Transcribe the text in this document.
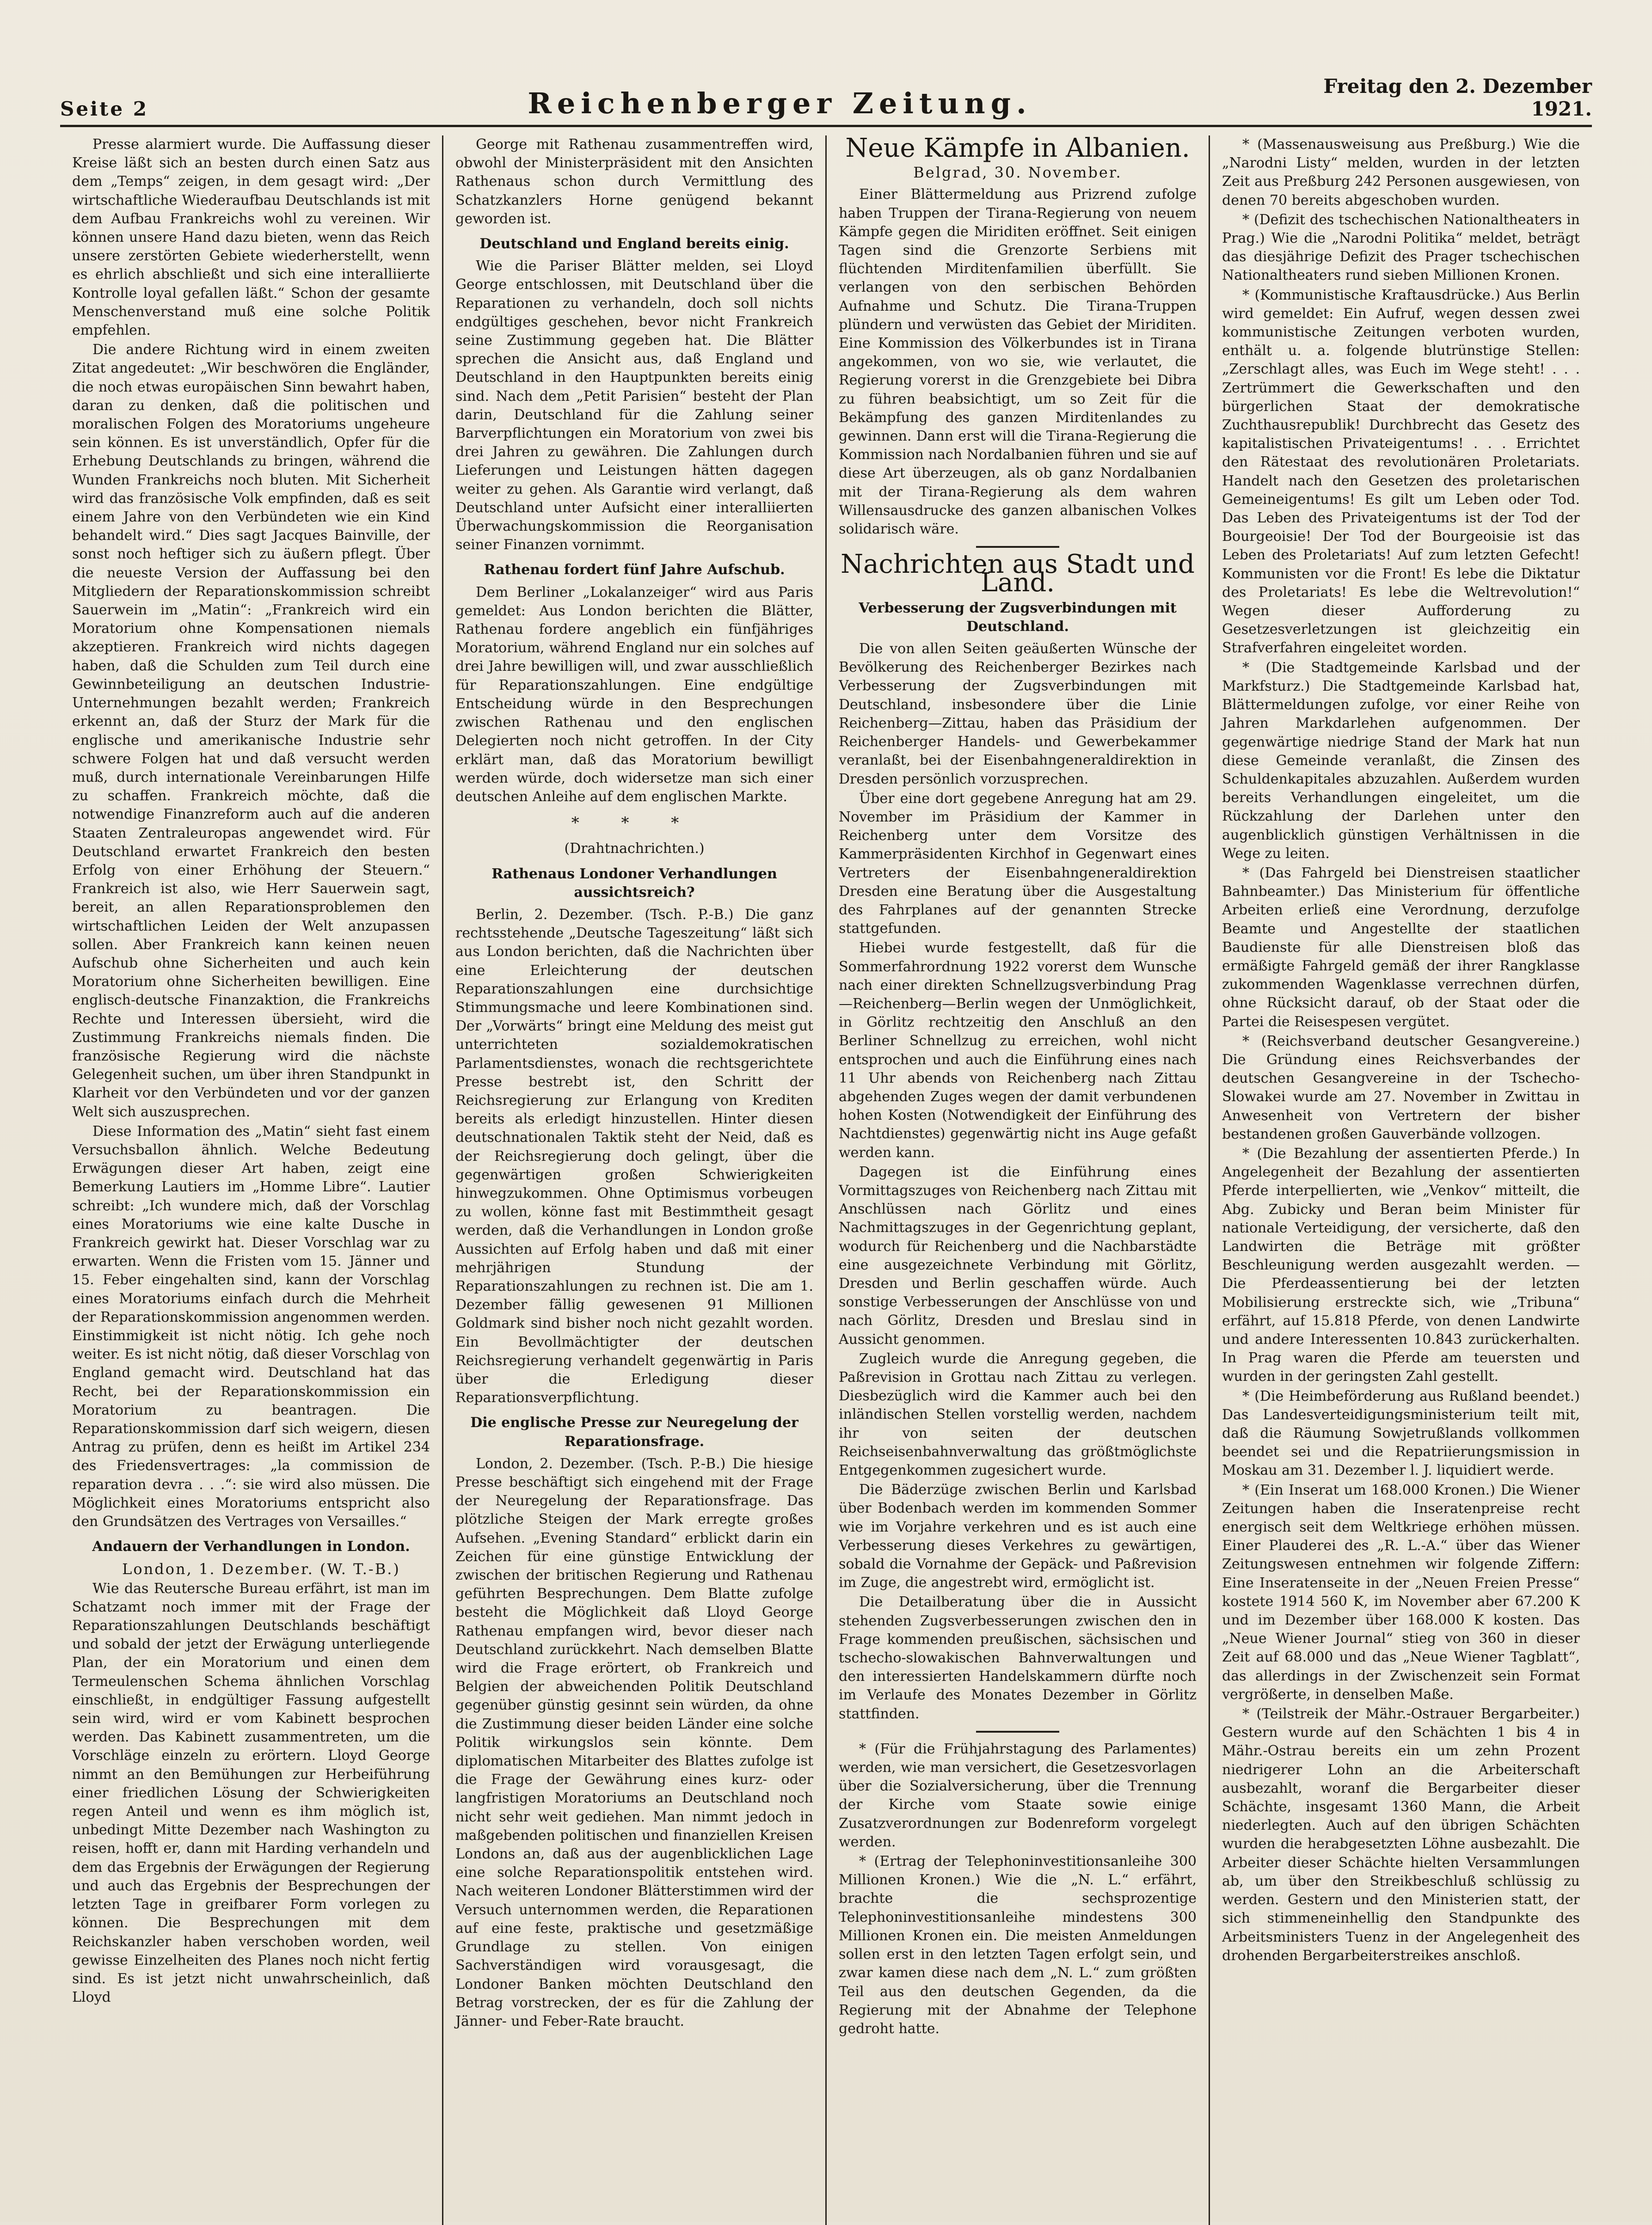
Seite 2	Reichenberger Zeitung.
Freitag den 2. Dezember 1921.

Presse alarmiert wurde. Die Auffassung dieser Kreise läßt sich an besten durch einen Satz aus dem „Temps“ zeigen, in dem gesagt wird: „Der wirtschaftliche Wiederaufbau Deutschlands ist mit dem Aufbau Frankreichs wohl zu vereinen. Wir können unsere Hand dazu bieten, wenn das Reich unsere zerstörten Gebiete wiederherstellt, wenn es ehrlich abschließt und sich eine interalliierte Kontrolle loyal gefallen läßt.“ Schon der gesamte Menschenverstand muß eine solche Politik empfehlen.

Die andere Richtung wird in einem zweiten Zitat angedeutet: „Wir beschwören die Engländer, die noch etwas europäischen Sinn bewahrt haben, daran zu denken, daß die politischen und moralischen Folgen des Moratoriums ungeheure sein können. Es ist unverständlich, Opfer für die Erhebung Deutschlands zu bringen, während die Wunden Frankreichs noch bluten. Mit Sicherheit wird das französische Volk empfinden, daß es seit einem Jahre von den Verbündeten wie ein Kind behandelt wird.“ Dies sagt Jacques Bainville, der sonst noch heftiger sich zu äußern pflegt. Über die neueste Version der Auffassung bei den Mitgliedern der Reparationskommission schreibt Sauerwein im „Matin“: „Frankreich wird ein Moratorium ohne Kompensationen niemals akzeptieren. Frankreich wird nichts dagegen haben, daß die Schulden zum Teil durch eine Gewinnbeteiligung an deutschen Industrie-Unternehmungen bezahlt werden; Frankreich erkennt an, daß der Sturz der Mark für die englische und amerikanische Industrie sehr schwere Folgen hat und daß versucht werden muß, durch internationale Vereinbarungen Hilfe zu schaffen. Frankreich möchte, daß die notwendige Finanzreform auch auf die anderen Staaten Zentraleuropas angewendet wird. Für Deutschland erwartet Frankreich den besten Erfolg von einer Erhöhung der Steuern.“ Frankreich ist also, wie Herr Sauerwein sagt, bereit, an allen Reparationsproblemen den wirtschaftlichen Leiden der Welt anzupassen sollen. Aber Frankreich kann keinen neuen Aufschub ohne Sicherheiten und auch kein Moratorium ohne Sicherheiten bewilligen. Eine englisch-deutsche Finanzaktion, die Frankreichs Rechte und Interessen übersieht, wird die Zustimmung Frankreichs niemals finden. Die französische Regierung wird die nächste Gelegenheit suchen, um über ihren Standpunkt in Klarheit vor den Verbündeten und vor der ganzen Welt sich auszusprechen.

Diese Information des „Matin“ sieht fast einem Versuchsballon ähnlich. Welche Bedeutung Erwägungen dieser Art haben, zeigt eine Bemerkung Lautiers im „Homme Libre“. Lautier schreibt: „Ich wundere mich, daß der Vorschlag eines Moratoriums wie eine kalte Dusche in Frankreich gewirkt hat. Dieser Vorschlag war zu erwarten. Wenn die Fristen vom 15. Jänner und 15. Feber eingehalten sind, kann der Vorschlag eines Moratoriums einfach durch die Mehrheit der Reparationskommission angenommen werden. Einstimmigkeit ist nicht nötig. Ich gehe noch weiter. Es ist nicht nötig, daß dieser Vorschlag von England gemacht wird. Deutschland hat das Recht, bei der Reparationskommission ein Moratorium zu beantragen. Die Reparationskommission darf sich weigern, diesen Antrag zu prüfen, denn es heißt im Artikel 234 des Friedensvertrages: „la commission de reparation devra . . .“: sie wird also müssen. Die Möglichkeit eines Moratoriums entspricht also den Grundsätzen des Vertrages von Versailles.“

Andauern der Verhandlungen in London.

London, 1. Dezember. (W. T.-B.)

Wie das Reutersche Bureau erfährt, ist man im Schatzamt noch immer mit der Frage der Reparationszahlungen Deutschlands beschäftigt und sobald der jetzt der Erwägung unterliegende Plan, der ein Moratorium und einen dem Termeulenschen Schema ähnlichen Vorschlag einschließt, in endgültiger Fassung aufgestellt sein wird, wird er vom Kabinett besprochen werden. Das Kabinett zusammentreten, um die Vorschläge einzeln zu erörtern. Lloyd George nimmt an den Bemühungen zur Herbeiführung einer friedlichen Lösung der Schwierigkeiten regen Anteil und wenn es ihm möglich ist, unbedingt Mitte Dezember nach Washington zu reisen, hofft er, dann mit Harding verhandeln und dem das Ergebnis der Erwägungen der Regierung und auch das Ergebnis der Besprechungen der letzten Tage in greifbarer Form vorlegen zu können. Die Besprechungen mit dem Reichskanzler haben verschoben worden, weil gewisse Einzelheiten des Planes noch nicht fertig sind. Es ist jetzt nicht unwahrscheinlich, daß Lloyd

George mit Rathenau zusammentreffen wird, obwohl der Ministerpräsident mit den Ansichten Rathenaus schon durch Vermittlung des Schatzkanzlers Horne genügend bekannt geworden ist.

Deutschland und England bereits einig.

Wie die Pariser Blätter melden, sei Lloyd George entschlossen, mit Deutschland über die Reparationen zu verhandeln, doch soll nichts endgültiges geschehen, bevor nicht Frankreich seine Zustimmung gegeben hat. Die Blätter sprechen die Ansicht aus, daß England und Deutschland in den Hauptpunkten bereits einig sind. Nach dem „Petit Parisien“ besteht der Plan darin, Deutschland für die Zahlung seiner Barverpflichtungen ein Moratorium von zwei bis drei Jahren zu gewähren. Die Zahlungen durch Lieferungen und Leistungen hätten dagegen weiter zu gehen. Als Garantie wird verlangt, daß Deutschland unter Aufsicht einer interalliierten Überwachungskommission die Reorganisation seiner Finanzen vornimmt.

Rathenau fordert fünf Jahre Aufschub.

Dem Berliner „Lokalanzeiger“ wird aus Paris gemeldet: Aus London berichten die Blätter, Rathenau fordere angeblich ein fünfjähriges Moratorium, während England nur ein solches auf drei Jahre bewilligen will, und zwar ausschließlich für Reparationszahlungen. Eine endgültige Entscheidung würde in den Besprechungen zwischen Rathenau und den englischen Delegierten noch nicht getroffen. In der City erklärt man, daß das Moratorium bewilligt werden würde, doch widersetze man sich einer deutschen Anleihe auf dem englischen Markte.

* * *
(Drahtnachrichten.)

Rathenaus Londoner Verhandlungen aussichtsreich?

Berlin, 2. Dezember. (Tsch. P.-B.) Die ganz rechtsstehende „Deutsche Tageszeitung“ läßt sich aus London berichten, daß die Nachrichten über eine Erleichterung der deutschen Reparationszahlungen eine durchsichtige Stimmungsmache und leere Kombinationen sind. Der „Vorwärts“ bringt eine Meldung des meist gut unterrichteten sozialdemokratischen Parlamentsdienstes, wonach die rechtsgerichtete Presse bestrebt ist, den Schritt der Reichsregierung zur Erlangung von Krediten bereits als erledigt hinzustellen. Hinter diesen deutschnationalen Taktik steht der Neid, daß es der Reichsregierung doch gelingt, über die gegenwärtigen großen Schwierigkeiten hinwegzukommen. Ohne Optimismus vorbeugen zu wollen, könne fast mit Bestimmtheit gesagt werden, daß die Verhandlungen in London große Aussichten auf Erfolg haben und daß mit einer mehrjährigen Stundung der Reparationszahlungen zu rechnen ist. Die am 1. Dezember fällig gewesenen 91 Millionen Goldmark sind bisher noch nicht gezahlt worden. Ein Bevollmächtigter der deutschen Reichsregierung verhandelt gegenwärtig in Paris über die Erledigung dieser Reparationsverpflichtung.

Die englische Presse zur Neuregelung der Reparationsfrage.

London, 2. Dezember. (Tsch. P.-B.) Die hiesige Presse beschäftigt sich eingehend mit der Frage der Neuregelung der Reparationsfrage. Das plötzliche Steigen der Mark erregte großes Aufsehen. „Evening Standard“ erblickt darin ein Zeichen für eine günstige Entwicklung der zwischen der britischen Regierung und Rathenau geführten Besprechungen. Dem Blatte zufolge besteht die Möglichkeit daß Lloyd George Rathenau empfangen wird, bevor dieser nach Deutschland zurückkehrt. Nach demselben Blatte wird die Frage erörtert, ob Frankreich und Belgien der abweichenden Politik Deutschland gegenüber günstig gesinnt sein würden, da ohne die Zustimmung dieser beiden Länder eine solche Politik wirkungslos sein könnte. Dem diplomatischen Mitarbeiter des Blattes zufolge ist die Frage der Gewährung eines kurz- oder langfristigen Moratoriums an Deutschland noch nicht sehr weit gediehen. Man nimmt jedoch in maßgebenden politischen und finanziellen Kreisen Londons an, daß aus der augenblicklichen Lage eine solche Reparationspolitik entstehen wird. Nach weiteren Londoner Blätterstimmen wird der Versuch unternommen werden, die Reparationen auf eine feste, praktische und gesetzmäßige Grundlage zu stellen. Von einigen Sachverständigen wird vorausgesagt, die Londoner Banken möchten Deutschland den Betrag vorstrecken, der es für die Zahlung der Jänner- und Feber-Rate braucht.

Neue Kämpfe in Albanien.
Belgrad, 30. November.

Einer Blättermeldung aus Prizrend zufolge haben Truppen der Tirana-Regierung von neuem Kämpfe gegen die Miriditen eröffnet. Seit einigen Tagen sind die Grenzorte Serbiens mit flüchtenden Mirditenfamilien überfüllt. Sie verlangen von den serbischen Behörden Aufnahme und Schutz. Die Tirana-Truppen plündern und verwüsten das Gebiet der Miriditen. Eine Kommission des Völkerbundes ist in Tirana angekommen, von wo sie, wie verlautet, die Regierung vorerst in die Grenzgebiete bei Dibra zu führen beabsichtigt, um so Zeit für die Bekämpfung des ganzen Mirditenlandes zu gewinnen. Dann erst will die Tirana-Regierung die Kommission nach Nordalbanien führen und sie auf diese Art überzeugen, als ob ganz Nordalbanien mit der Tirana-Regierung als dem wahren Willensausdrucke des ganzen albanischen Volkes solidarisch wäre.

Nachrichten aus Stadt und Land.

Verbesserung der Zugsverbindungen mit Deutschland.

Die von allen Seiten geäußerten Wünsche der Bevölkerung des Reichenberger Bezirkes nach Verbesserung der Zugsverbindungen mit Deutschland, insbesondere über die Linie Reichenberg—Zittau, haben das Präsidium der Reichenberger Handels- und Gewerbekammer veranlaßt, bei der Eisenbahngeneraldirektion in Dresden persönlich vorzusprechen.

Über eine dort gegebene Anregung hat am 29. November im Präsidium der Kammer in Reichenberg unter dem Vorsitze des Kammerpräsidenten Kirchhof in Gegenwart eines Vertreters der Eisenbahngeneraldirektion Dresden eine Beratung über die Ausgestaltung des Fahrplanes auf der genannten Strecke stattgefunden.

Hiebei wurde festgestellt, daß für die Sommerfahrordnung 1922 vorerst dem Wunsche nach einer direkten Schnellzugsverbindung Prag—Reichenberg—Berlin wegen der Unmöglichkeit, in Görlitz rechtzeitig den Anschluß an den Berliner Schnellzug zu erreichen, wohl nicht entsprochen und auch die Einführung eines nach 11 Uhr abends von Reichenberg nach Zittau abgehenden Zuges wegen der damit verbundenen hohen Kosten (Notwendigkeit der Einführung des Nachtdienstes) gegenwärtig nicht ins Auge gefaßt werden kann.

Dagegen ist die Einführung eines Vormittagszuges von Reichenberg nach Zittau mit Anschlüssen nach Görlitz und eines Nachmittagszuges in der Gegenrichtung geplant, wodurch für Reichenberg und die Nachbarstädte eine ausgezeichnete Verbindung mit Görlitz, Dresden und Berlin geschaffen würde. Auch sonstige Verbesserungen der Anschlüsse von und nach Görlitz, Dresden und Breslau sind in Aussicht genommen.

Zugleich wurde die Anregung gegeben, die Paßrevision in Grottau nach Zittau zu verlegen. Diesbezüglich wird die Kammer auch bei den inländischen Stellen vorstellig werden, nachdem ihr von seiten der deutschen Reichseisenbahnverwaltung das größtmöglichste Entgegenkommen zugesichert wurde.

Die Bäderzüge zwischen Berlin und Karlsbad über Bodenbach werden im kommenden Sommer wie im Vorjahre verkehren und es ist auch eine Verbesserung dieses Verkehres zu gewärtigen, sobald die Vornahme der Gepäck- und Paßrevision im Zuge, die angestrebt wird, ermöglicht ist.

Die Detailberatung über die in Aussicht stehenden Zugsverbesserungen zwischen den in Frage kommenden preußischen, sächsischen und tschecho-slowakischen Bahnverwaltungen und den interessierten Handelskammern dürfte noch im Verlaufe des Monates Dezember in Görlitz stattfinden.

* (Für die Frühjahrstagung des Parlamentes) werden, wie man versichert, die Gesetzesvorlagen über die Sozialversicherung, über die Trennung der Kirche vom Staate sowie einige Zusatzverordnungen zur Bodenreform vorgelegt werden.

* (Ertrag der Telephoninvestitionsanleihe 300 Millionen Kronen.) Wie die „N. L.“ erfährt, brachte die sechsprozentige Telephoninvestitionsanleihe mindestens 300 Millionen Kronen ein. Die meisten Anmeldungen sollen erst in den letzten Tagen erfolgt sein, und zwar kamen diese nach dem „N. L.“ zum größten Teil aus den deutschen Gegenden, da die Regierung mit der Abnahme der Telephone gedroht hatte.

* (Massenausweisung aus Preßburg.) Wie die „Narodni Listy“ melden, wurden in der letzten Zeit aus Preßburg 242 Personen ausgewiesen, von denen 70 bereits abgeschoben wurden.

* (Defizit des tschechischen Nationaltheaters in Prag.) Wie die „Narodni Politika“ meldet, beträgt das diesjährige Defizit des Prager tschechischen Nationaltheaters rund sieben Millionen Kronen.

* (Kommunistische Kraftausdrücke.) Aus Berlin wird gemeldet: Ein Aufruf, wegen dessen zwei kommunistische Zeitungen verboten wurden, enthält u. a. folgende blutrünstige Stellen: „Zerschlagt alles, was Euch im Wege steht! . . . Zertrümmert die Gewerkschaften und den bürgerlichen Staat der demokratische Zuchthausrepublik! Durchbrecht das Gesetz des kapitalistischen Privateigentums! . . . Errichtet den Rätestaat des revolutionären Proletariats. Handelt nach den Gesetzen des proletarischen Gemeineigentums! Es gilt um Leben oder Tod. Das Leben des Privateigentums ist der Tod der Bourgeoisie! Der Tod der Bourgeoisie ist das Leben des Proletariats! Auf zum letzten Gefecht! Kommunisten vor die Front! Es lebe die Diktatur des Proletariats! Es lebe die Weltrevolution!“ Wegen dieser Aufforderung zu Gesetzesverletzungen ist gleichzeitig ein Strafverfahren eingeleitet worden.

* (Die Stadtgemeinde Karlsbad und der Markfsturz.) Die Stadtgemeinde Karlsbad hat, Blättermeldungen zufolge, vor einer Reihe von Jahren Markdarlehen aufgenommen. Der gegenwärtige niedrige Stand der Mark hat nun diese Gemeinde veranlaßt, die Zinsen des Schuldenkapitales abzuzahlen. Außerdem wurden bereits Verhandlungen eingeleitet, um die Rückzahlung der Darlehen unter den augenblicklich günstigen Verhältnissen in die Wege zu leiten.

* (Das Fahrgeld bei Dienstreisen staatlicher Bahnbeamter.) Das Ministerium für öffentliche Arbeiten erließ eine Verordnung, derzufolge Beamte und Angestellte der staatlichen Baudienste für alle Dienstreisen bloß das ermäßigte Fahrgeld gemäß der ihrer Rangklasse zukommenden Wagenklasse verrechnen dürfen, ohne Rücksicht darauf, ob der Staat oder die Partei die Reisespesen vergütet.

* (Reichsverband deutscher Gesangvereine.) Die Gründung eines Reichsverbandes der deutschen Gesangvereine in der Tschecho-Slowakei wurde am 27. November in Zwittau in Anwesenheit von Vertretern der bisher bestandenen großen Gauverbände vollzogen.

* (Die Bezahlung der assentierten Pferde.) In Angelegenheit der Bezahlung der assentierten Pferde interpellierten, wie „Venkov“ mitteilt, die Abg. Zubicky und Beran beim Minister für nationale Verteidigung, der versicherte, daß den Landwirten die Beträge mit größter Beschleunigung werden ausgezahlt werden. — Die Pferdeassentierung bei der letzten Mobilisierung erstreckte sich, wie „Tribuna“ erfährt, auf 15.818 Pferde, von denen Landwirte und andere Interessenten 10.843 zurückerhalten. In Prag waren die Pferde am teuersten und wurden in der geringsten Zahl gestellt.

* (Die Heimbeförderung aus Rußland beendet.) Das Landesverteidigungsministerium teilt mit, daß die Räumung Sowjetrußlands vollkommen beendet sei und die Repatriierungsmission in Moskau am 31. Dezember l. J. liquidiert werde.

* (Ein Inserat um 168.000 Kronen.) Die Wiener Zeitungen haben die Inseratenpreise recht energisch seit dem Weltkriege erhöhen müssen. Einer Plauderei des „R. L.-A.“ über das Wiener Zeitungswesen entnehmen wir folgende Ziffern: Eine Inseratenseite in der „Neuen Freien Presse“ kostete 1914 560 K, im November aber 67.200 K und im Dezember über 168.000 K kosten. Das „Neue Wiener Journal“ stieg von 360 in dieser Zeit auf 68.000 und das „Neue Wiener Tagblatt“, das allerdings in der Zwischenzeit sein Format vergrößerte, in denselben Maße.

* (Teilstreik der Mähr.-Ostrauer Bergarbeiter.) Gestern wurde auf den Schächten 1 bis 4 in Mähr.-Ostrau bereits ein um zehn Prozent niedrigerer Lohn an die Arbeiterschaft ausbezahlt, woranf die Bergarbeiter dieser Schächte, insgesamt 1360 Mann, die Arbeit niederlegten. Auch auf den übrigen Schächten wurden die herabgesetzten Löhne ausbezahlt. Die Arbeiter dieser Schächte hielten Versammlungen ab, um über den Streikbeschluß schlüssig zu werden. Gestern und den Ministerien statt, der sich stimmeneinhellig den Standpunkte des Arbeitsministers Tuenz in der Angelegenheit des drohenden Bergarbeiterstreikes anschloß.
